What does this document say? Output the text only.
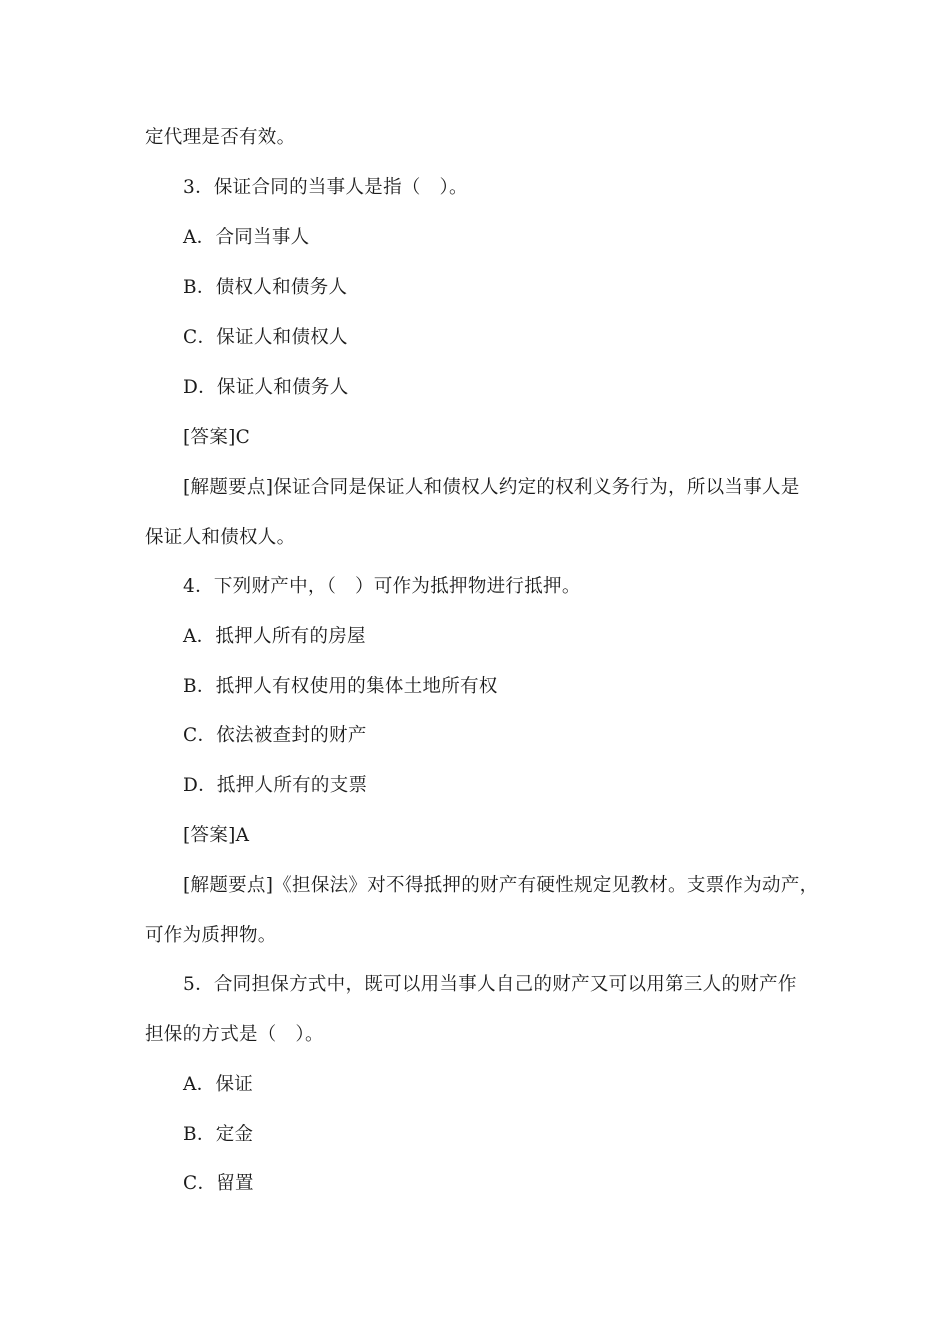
定代理是否有效。
3．保证合同的当事人是指（　）。
A．合同当事人
B．债权人和债务人
C．保证人和债权人
D．保证人和债务人
[答案]C
[解题要点]保证合同是保证人和债权人约定的权利义务行为，所以当事人是
保证人和债权人。
4．下列财产中，（　）可作为抵押物进行抵押。
A．抵押人所有的房屋
B．抵押人有权使用的集体土地所有权
C．依法被查封的财产
D．抵押人所有的支票
[答案]A
[解题要点]《担保法》对不得抵押的财产有硬性规定见教材。支票作为动产，
可作为质押物。
5．合同担保方式中，既可以用当事人自己的财产又可以用第三人的财产作
担保的方式是（　）。
A．保证
B．定金
C．留置
